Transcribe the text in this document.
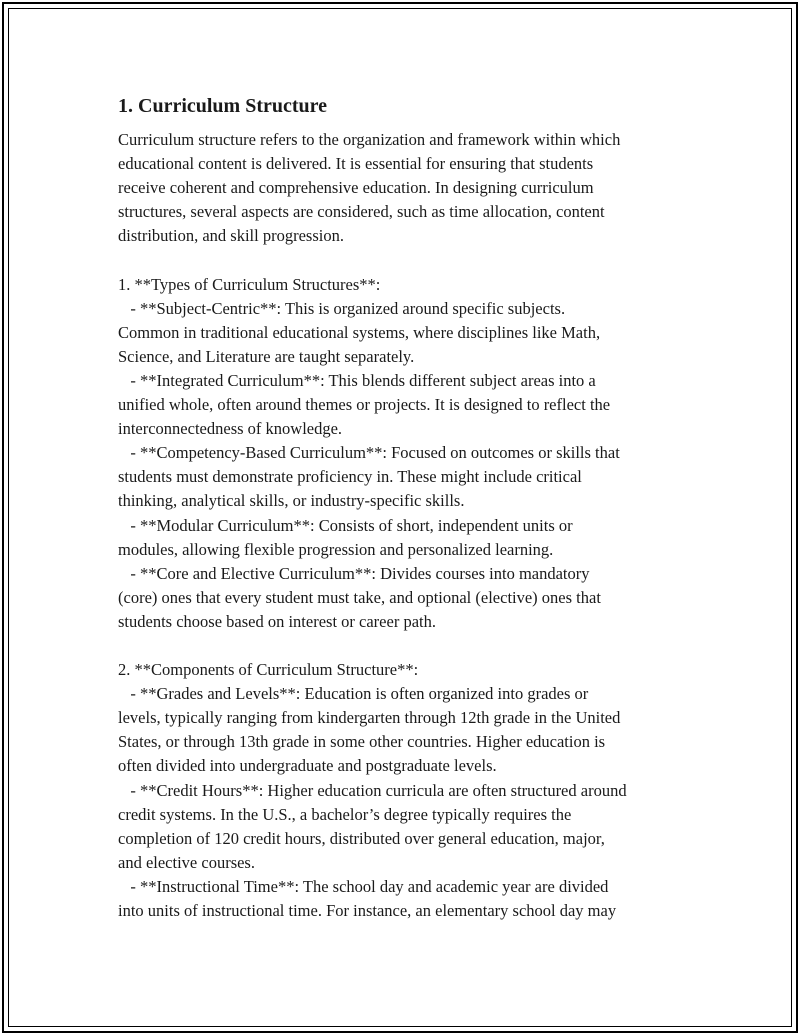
1. Curriculum Structure
Curriculum structure refers to the organization and framework within which
educational content is delivered. It is essential for ensuring that students
receive coherent and comprehensive education. In designing curriculum
structures, several aspects are considered, such as time allocation, content
distribution, and skill progression.
1. **Types of Curriculum Structures**:
- **Subject-Centric**: This is organized around specific subjects.
Common in traditional educational systems, where disciplines like Math,
Science, and Literature are taught separately.
- **Integrated Curriculum**: This blends different subject areas into a
unified whole, often around themes or projects. It is designed to reflect the
interconnectedness of knowledge.
- **Competency-Based Curriculum**: Focused on outcomes or skills that
students must demonstrate proficiency in. These might include critical
thinking, analytical skills, or industry-specific skills.
- **Modular Curriculum**: Consists of short, independent units or
modules, allowing flexible progression and personalized learning.
- **Core and Elective Curriculum**: Divides courses into mandatory
(core) ones that every student must take, and optional (elective) ones that
students choose based on interest or career path.
2. **Components of Curriculum Structure**:
- **Grades and Levels**: Education is often organized into grades or
levels, typically ranging from kindergarten through 12th grade in the United
States, or through 13th grade in some other countries. Higher education is
often divided into undergraduate and postgraduate levels.
- **Credit Hours**: Higher education curricula are often structured around
credit systems. In the U.S., a bachelor’s degree typically requires the
completion of 120 credit hours, distributed over general education, major,
and elective courses.
- **Instructional Time**: The school day and academic year are divided
into units of instructional time. For instance, an elementary school day may
